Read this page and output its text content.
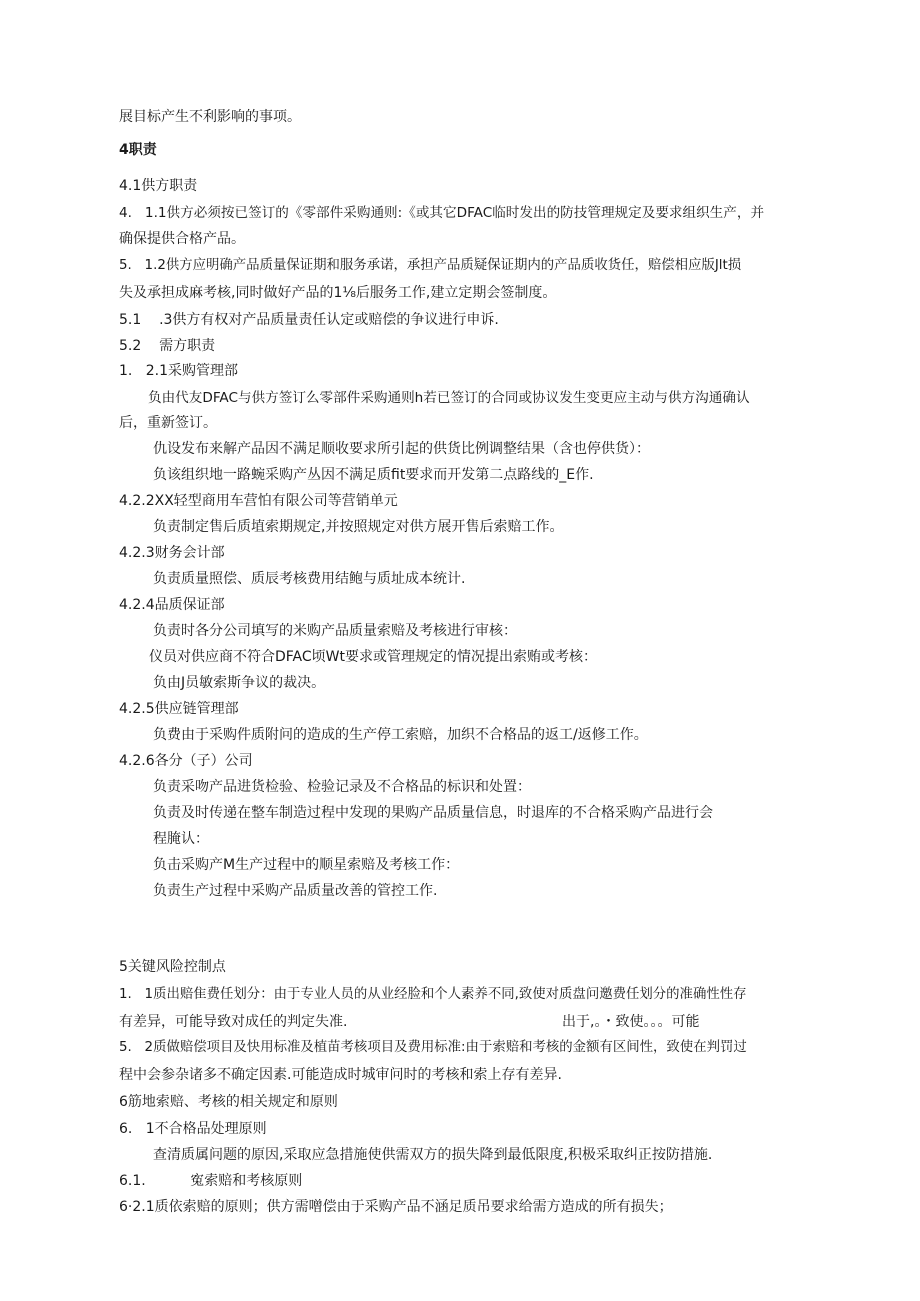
展目标产生不利影响的事项。

4职责

4.1供方职责

4.   1.1供方必须按已签订的《零部件采购通则:《或其它DFAC临时发出的防技管理规定及要求组织生产，并

确保提供合格产品。

5.   1.2供方应明确产品质量保证期和服务承诺，承担产品质疑保证期内的产品质收货任，赔偿相应版Jlt损

失及承担成麻考核,同时做好产品的1⅛后服务工作,建立定期会签制度。

5.1    .3供方有权对产品质量责任认定或赔偿的争议进行申诉.

5.2    需方职责

1.   2.1采购管理部

负由代友DFAC与供方签订么零部件采购通则h若已签订的合同或协议发生变更应主动与供方沟通确认

后，重新签订。

仇设发布来解产品因不满足顺收要求所引起的供货比例调整结果（含也停供货）：

负该组织地一路蜿采购产丛因不满足质fit要求而开发第二点路线的_E作.

4.2.2XX轻型商用车营怕有限公司等营销单元

负责制定售后质埴索期规定,并按照规定对供方展开售后索赔工作。

4.2.3财务会计部

负责质量照偿、质辰考核费用结鲍与质址成本统计.

4.2.4品质保证部

负责时各分公司填写的米购产品质量索赔及考核进行审核：

仪员对供应商不符合DFAC顷Wt要求或管理规定的情况提出索贿或考核：

负由J员敏索斯争议的裁决。

4.2.5供应链管理部

负费由于采购件质附问的造成的生产停工索赔，加织不合格品的返工/返修工作。

4.2.6各分（子）公司

负责采吻产品进货检验、检验记录及不合格品的标识和处置：

负责及时传递在整车制造过程中发现的果购产品质量信息，时退库的不合格采购产品进行会

程腌认：

负击采购产M生产过程中的顺星索赔及考核工作：

负责生产过程中采购产品质量改善的管控工作.

5关键风险控制点

1.   1质出赔隹费任划分：由于专业人员的从业经脸和个人素养不同,致使对质盘问邀费任划分的准确性性存

有差异，可能导致对成任的判定失准.	出于,。・致使。。。可能

5.   2质做赔偿项目及快用标准及植苗考核项目及费用标准:由于索赔和考核的金额有区间性，致使在判罚过

程中会参杂诸多不确定因素.可能造成时城审问时的考核和索上存有差异.

6筋地索赔、考核的相关规定和原则

6.   1不合格品处理原则

查清质属问题的原因,采取应急措施使供需双方的损失降到最低限度,积极采取纠正按防措施.

6.1.          寃索赔和考核原则

6·2.1质依索赔的原则；供方需噌偿由于采购产品不涵足质吊要求给需方造成的所有损失；
